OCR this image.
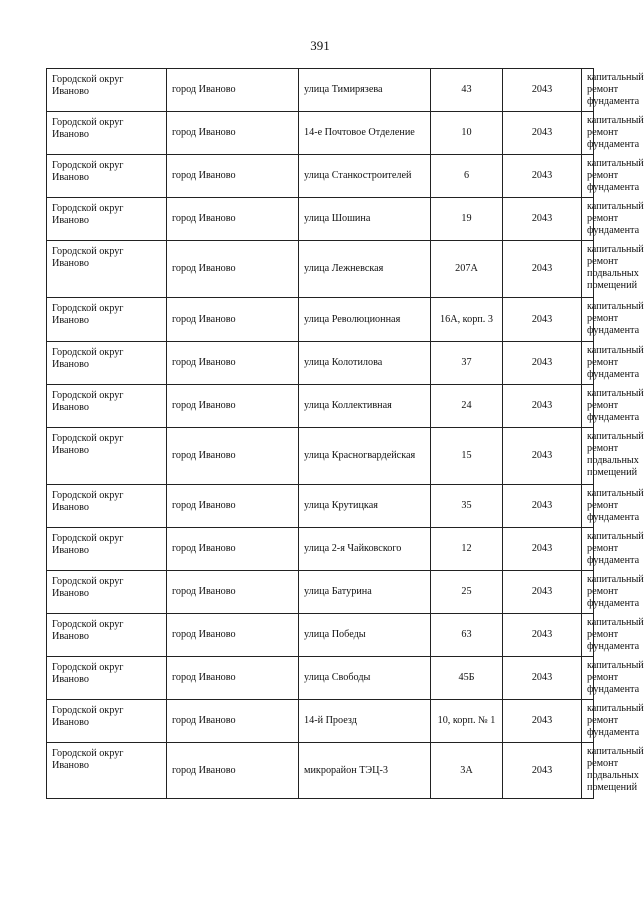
391
Городской округ Иваново	город Иваново	улица Тимирязева	43	2043	капитальный ремонт фундамента
Городской округ Иваново	город Иваново	14-е Почтовое Отделение	10	2043	капитальный ремонт фундамента
Городской округ Иваново	город Иваново	улица Станкостроителей	6	2043	капитальный ремонт фундамента
Городской округ Иваново	город Иваново	улица Шошина	19	2043	капитальный ремонт фундамента
Городской округ Иваново	город Иваново	улица Лежневская	207А	2043	капитальный ремонт подвальных помещений
Городской округ Иваново	город Иваново	улица Революционная	16А, корп. 3	2043	капитальный ремонт фундамента
Городской округ Иваново	город Иваново	улица Колотилова	37	2043	капитальный ремонт фундамента
Городской округ Иваново	город Иваново	улица Коллективная	24	2043	капитальный ремонт фундамента
Городской округ Иваново	город Иваново	улица Красногвардейская	15	2043	капитальный ремонт подвальных помещений
Городской округ Иваново	город Иваново	улица Крутицкая	35	2043	капитальный ремонт фундамента
Городской округ Иваново	город Иваново	улица 2-я Чайковского	12	2043	капитальный ремонт фундамента
Городской округ Иваново	город Иваново	улица Батурина	25	2043	капитальный ремонт фундамента
Городской округ Иваново	город Иваново	улица Победы	63	2043	капитальный ремонт фундамента
Городской округ Иваново	город Иваново	улица Свободы	45Б	2043	капитальный ремонт фундамента
Городской округ Иваново	город Иваново	14-й Проезд	10, корп. № 1	2043	капитальный ремонт фундамента
Городской округ Иваново	город Иваново	микрорайон ТЭЦ-3	3А	2043	капитальный ремонт подвальных помещений
